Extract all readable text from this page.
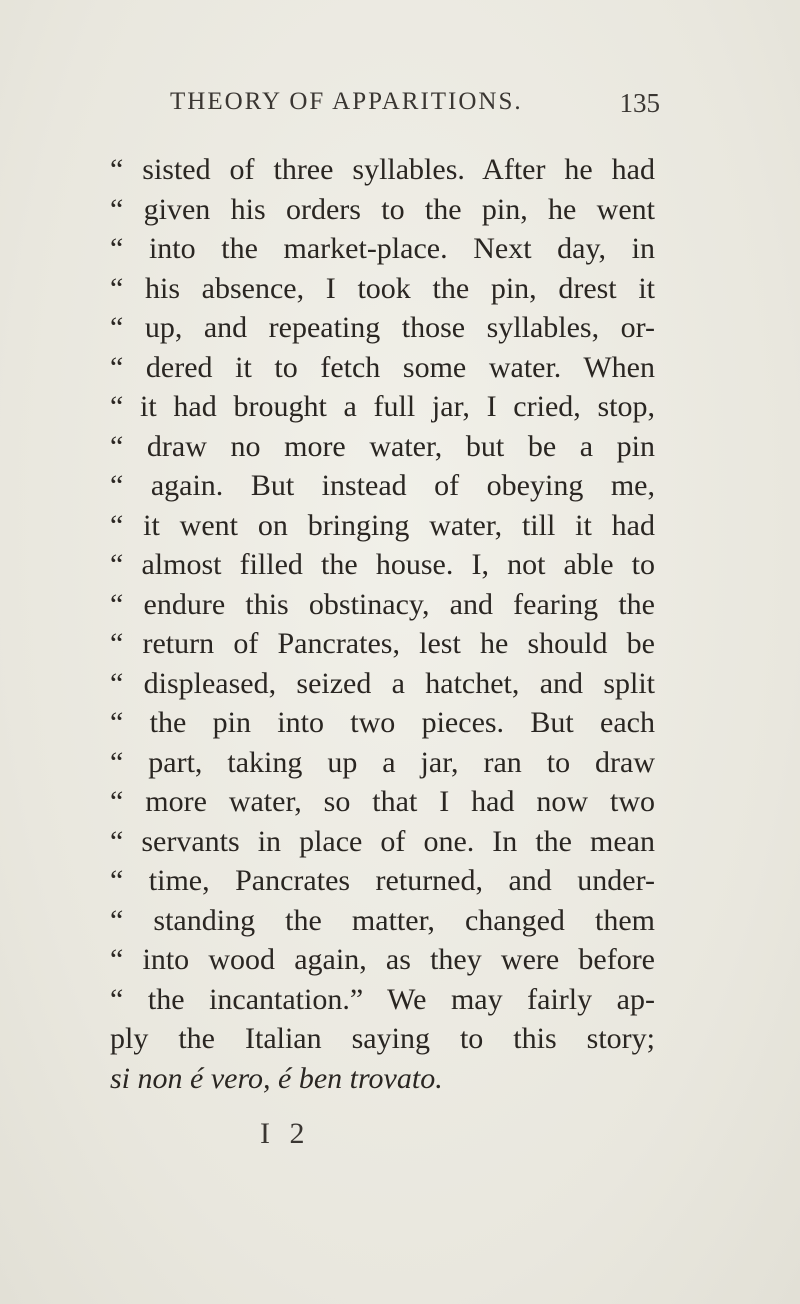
THEORY OF APPARITIONS.	135
“ sisted of three syllables. After he had
“ given his orders to the pin, he went
“ into the market-place. Next day, in
“ his absence, I took the pin, drest it
“ up, and repeating those syllables, or-
“ dered it to fetch some water. When
“ it had brought a full jar, I cried, stop,
“ draw no more water, but be a pin
“ again. But instead of obeying me,
“ it went on bringing water, till it had
“ almost filled the house. I, not able to
“ endure this obstinacy, and fearing the
“ return of Pancrates, lest he should be
“ displeased, seized a hatchet, and split
“ the pin into two pieces. But each
“ part, taking up a jar, ran to draw
“ more water, so that I had now two
“ servants in place of one. In the mean
“ time, Pancrates returned, and under-
“ standing the matter, changed them
“ into wood again, as they were before
“ the incantation.” We may fairly ap-
ply the Italian saying to this story;
si non é vero, é ben trovato.
I 2
